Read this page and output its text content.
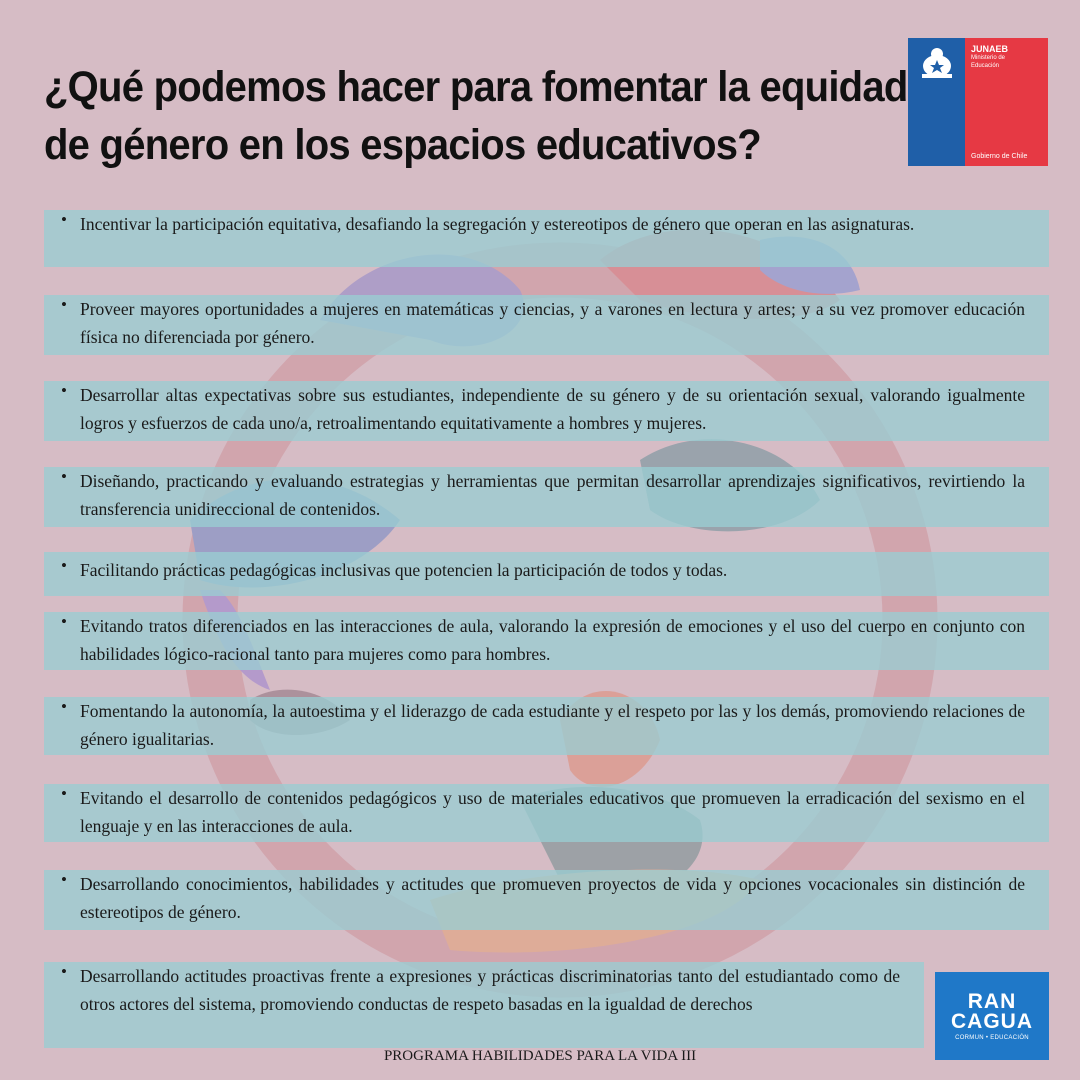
¿Qué podemos hacer para fomentar la equidad
de género en los espacios educativos?
JUNAEB
Ministerio de
Educación
Gobierno de Chile
• Incentivar la participación equitativa, desafiando la segregación y estereotipos de género que operan en las asignaturas.
• Proveer mayores oportunidades a mujeres en matemáticas y ciencias, y a varones en lectura y artes; y a su vez promover educación física no diferenciada por género.
• Desarrollar altas expectativas sobre sus estudiantes, independiente de su género y de su orientación sexual, valorando igualmente logros y esfuerzos de cada uno/a, retroalimentando equitativamente a hombres y mujeres.
• Diseñando, practicando y evaluando estrategias y herramientas que permitan desarrollar aprendizajes significativos, revirtiendo la transferencia unidireccional de contenidos.
• Facilitando prácticas pedagógicas inclusivas que potencien la participación de todos y todas.
• Evitando tratos diferenciados en las interacciones de aula, valorando la expresión de emociones y el uso del cuerpo en conjunto con habilidades lógico-racional tanto para mujeres como para hombres.
• Fomentando la autonomía, la autoestima y el liderazgo de cada estudiante y el respeto por las y los demás, promoviendo relaciones de género igualitarias.
• Evitando el desarrollo de contenidos pedagógicos y uso de materiales educativos que promueven la erradicación del sexismo en el lenguaje y en las interacciones de aula.
• Desarrollando conocimientos, habilidades y actitudes que promueven proyectos de vida y opciones vocacionales sin distinción de estereotipos de género.
• Desarrollando actitudes proactivas frente a expresiones y prácticas discriminatorias tanto del estudiantado como de otros actores del sistema, promoviendo conductas de respeto basadas en la igualdad de derechos
PROGRAMA HABILIDADES PARA LA VIDA III
RAN
CAGUA
CORMUN • EDUCACIÓN
